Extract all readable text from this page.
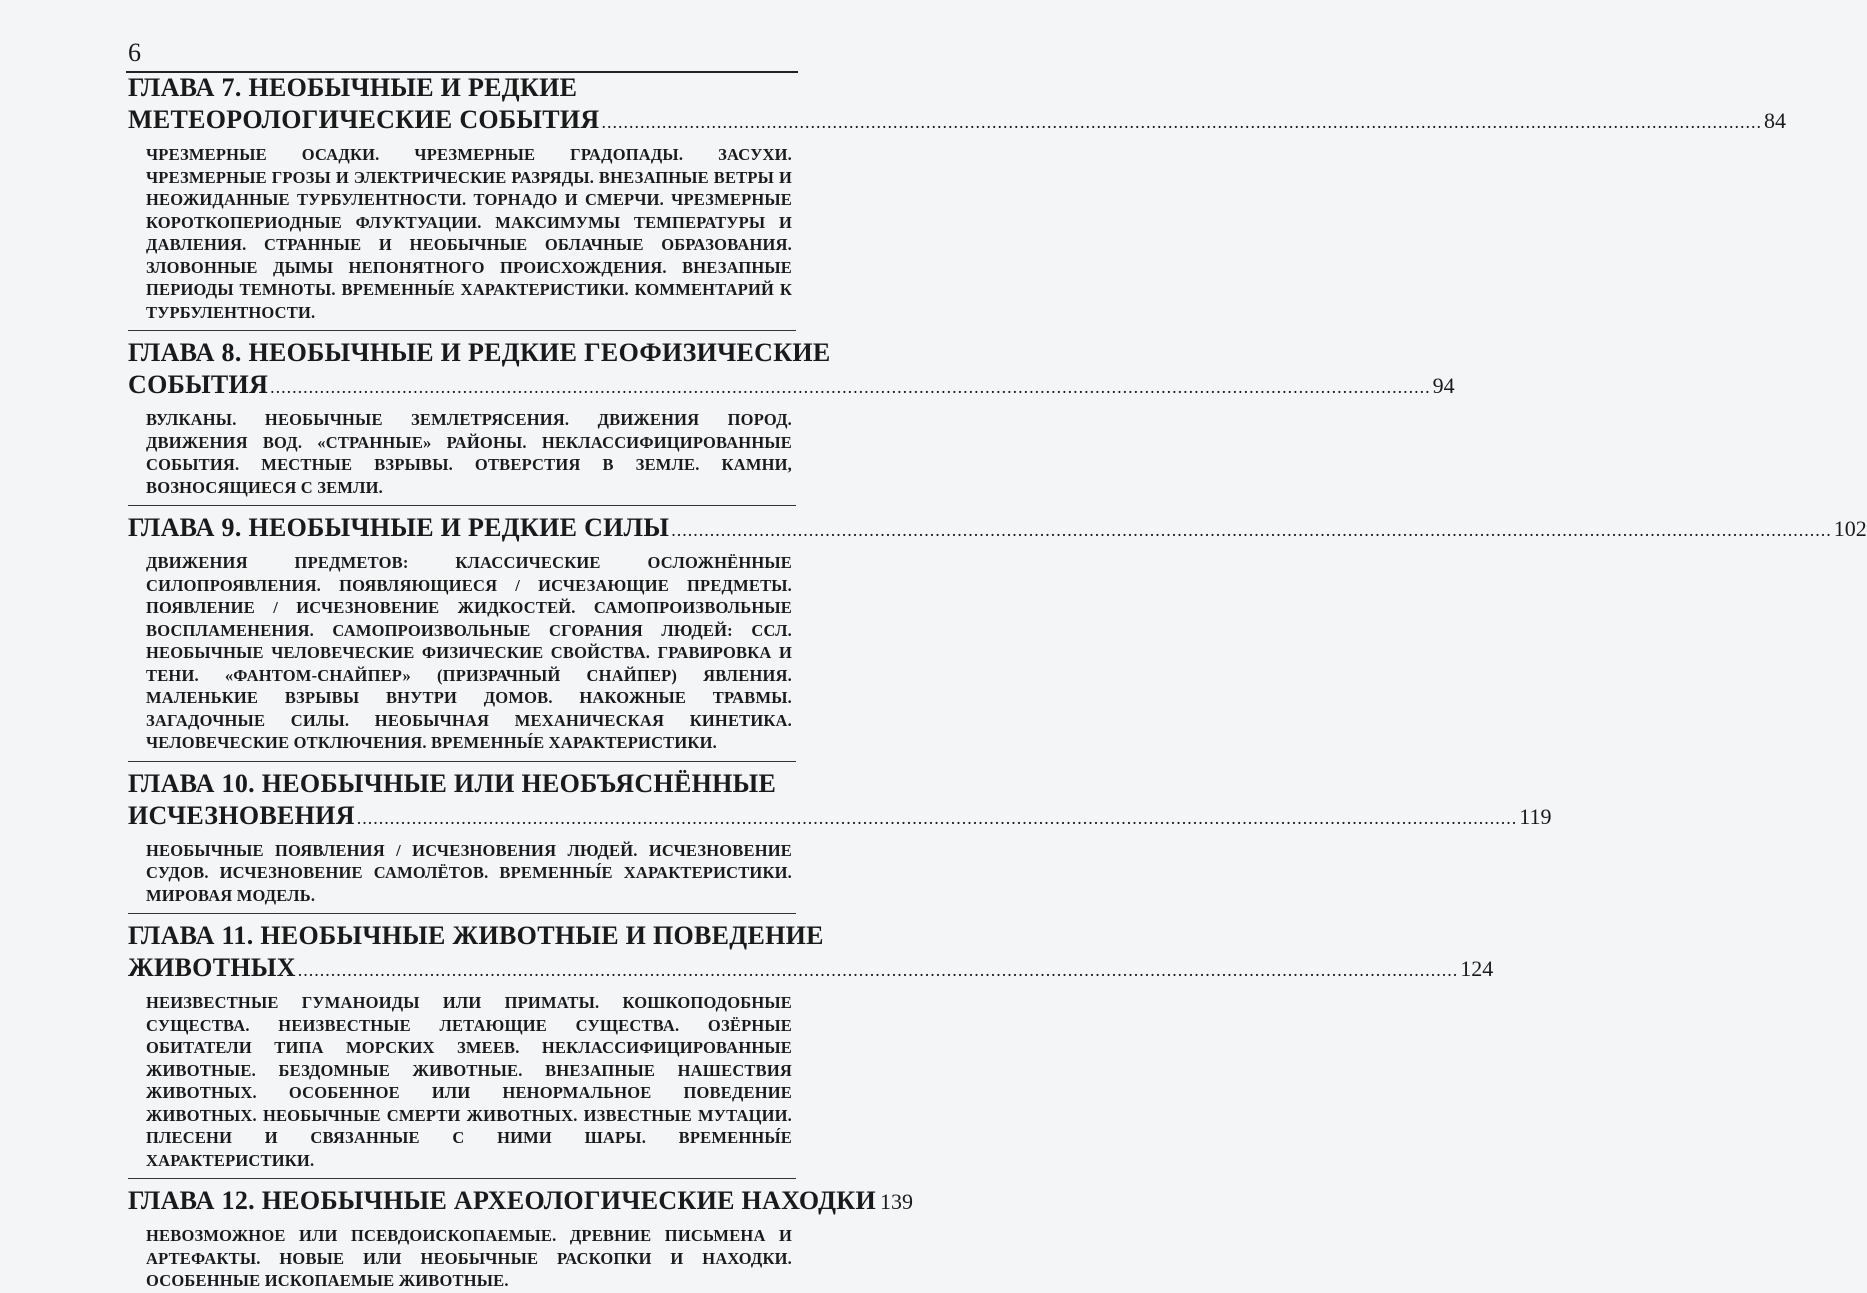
6
ГЛАВА 7. НЕОБЫЧНЫЕ И РЕДКИЕ
МЕТЕОРОЛОГИЧЕСКИЕ СОБЫТИЯ .....	84
ЧРЕЗМЕРНЫЕ ОСАДКИ. ЧРЕЗМЕРНЫЕ ГРАДОПАДЫ. ЗАСУХИ. ЧРЕЗМЕРНЫЕ ГРОЗЫ И ЭЛЕКТРИЧЕСКИЕ РАЗРЯДЫ. ВНЕЗАПНЫЕ ВЕТРЫ И НЕОЖИДАННЫЕ ТУРБУЛЕНТНОСТИ. ТОРНАДО И СМЕРЧИ. ЧРЕЗМЕРНЫЕ КОРОТКОПЕРИОДНЫЕ ФЛУКТУАЦИИ. МАКСИМУМЫ ТЕМПЕРАТУРЫ И ДАВЛЕНИЯ. СТРАННЫЕ И НЕОБЫЧНЫЕ ОБЛАЧНЫЕ ОБРАЗОВАНИЯ. ЗЛОВОННЫЕ ДЫМЫ НЕПОНЯТНОГО ПРОИСХОЖДЕНИЯ. ВНЕЗАПНЫЕ ПЕРИОДЫ ТЕМНОТЫ. ВРЕМЕННЫ́Е ХАРАКТЕРИСТИКИ. КОММЕНТАРИЙ К ТУРБУЛЕНТНОСТИ.
ГЛАВА 8. НЕОБЫЧНЫЕ И РЕДКИЕ ГЕОФИЗИЧЕСКИЕ
СОБЫТИЯ .....	94
ВУЛКАНЫ. НЕОБЫЧНЫЕ ЗЕМЛЕТРЯСЕНИЯ. ДВИЖЕНИЯ ПОРОД. ДВИЖЕНИЯ ВОД. «СТРАННЫЕ» РАЙОНЫ. НЕКЛАССИФИЦИРОВАННЫЕ СОБЫТИЯ. МЕСТНЫЕ ВЗРЫВЫ. ОТВЕРСТИЯ В ЗЕМЛЕ. КАМНИ, ВОЗНОСЯЩИЕСЯ С ЗЕМЛИ.
ГЛАВА 9. НЕОБЫЧНЫЕ И РЕДКИЕ СИЛЫ .....	102
ДВИЖЕНИЯ ПРЕДМЕТОВ: КЛАССИЧЕСКИЕ ОСЛОЖНЁННЫЕ СИЛОПРОЯВЛЕНИЯ. ПОЯВЛЯЮЩИЕСЯ / ИСЧЕЗАЮЩИЕ ПРЕДМЕТЫ. ПОЯВЛЕНИЕ / ИСЧЕЗНОВЕНИЕ ЖИДКОСТЕЙ. САМОПРОИЗВОЛЬНЫЕ ВОСПЛАМЕНЕНИЯ. САМОПРОИЗВОЛЬНЫЕ СГОРАНИЯ ЛЮДЕЙ: ССЛ. НЕОБЫЧНЫЕ ЧЕЛОВЕЧЕСКИЕ ФИЗИЧЕСКИЕ СВОЙСТВА. ГРАВИРОВКА И ТЕНИ. «ФАНТОМ-СНАЙПЕР» (ПРИЗРАЧНЫЙ СНАЙПЕР) ЯВЛЕНИЯ. МАЛЕНЬКИЕ ВЗРЫВЫ ВНУТРИ ДОМОВ. НАКОЖНЫЕ ТРАВМЫ. ЗАГАДОЧНЫЕ СИЛЫ. НЕОБЫЧНАЯ МЕХАНИЧЕСКАЯ КИНЕТИКА. ЧЕЛОВЕЧЕСКИЕ ОТКЛЮЧЕНИЯ. ВРЕМЕННЫ́Е ХАРАКТЕРИСТИКИ.
ГЛАВА 10. НЕОБЫЧНЫЕ ИЛИ НЕОБЪЯСНЁННЫЕ
ИСЧЕЗНОВЕНИЯ .....	119
НЕОБЫЧНЫЕ ПОЯВЛЕНИЯ / ИСЧЕЗНОВЕНИЯ ЛЮДЕЙ. ИСЧЕЗНОВЕНИЕ СУДОВ. ИСЧЕЗНОВЕНИЕ САМОЛЁТОВ. ВРЕМЕННЫ́Е ХАРАКТЕРИСТИКИ. МИРОВАЯ МОДЕЛЬ.
ГЛАВА 11. НЕОБЫЧНЫЕ ЖИВОТНЫЕ И ПОВЕДЕНИЕ
ЖИВОТНЫХ .....	124
НЕИЗВЕСТНЫЕ ГУМАНОИДЫ ИЛИ ПРИМАТЫ. КОШКОПОДОБНЫЕ СУЩЕСТВА. НЕИЗВЕСТНЫЕ ЛЕТАЮЩИЕ СУЩЕСТВА. ОЗЁРНЫЕ ОБИТАТЕЛИ ТИПА МОРСКИХ ЗМЕЕВ. НЕКЛАССИФИЦИРОВАННЫЕ ЖИВОТНЫЕ. БЕЗДОМНЫЕ ЖИВОТНЫЕ. ВНЕЗАПНЫЕ НАШЕСТВИЯ ЖИВОТНЫХ. ОСОБЕННОЕ ИЛИ НЕНОРМАЛЬНОЕ ПОВЕДЕНИЕ ЖИВОТНЫХ. НЕОБЫЧНЫЕ СМЕРТИ ЖИВОТНЫХ. ИЗВЕСТНЫЕ МУТАЦИИ. ПЛЕСЕНИ И СВЯЗАННЫЕ С НИМИ ШАРЫ. ВРЕМЕННЫ́Е ХАРАКТЕРИСТИКИ.
ГЛАВА 12. НЕОБЫЧНЫЕ АРХЕОЛОГИЧЕСКИЕ НАХОДКИ 139
НЕВОЗМОЖНОЕ ИЛИ ПСЕВДОИСКОПАЕМЫЕ. ДРЕВНИЕ ПИСЬМЕНА И АРТЕФАКТЫ. НОВЫЕ ИЛИ НЕОБЫЧНЫЕ РАСКОПКИ И НАХОДКИ. ОСОБЕННЫЕ ИСКОПАЕМЫЕ ЖИВОТНЫЕ.
